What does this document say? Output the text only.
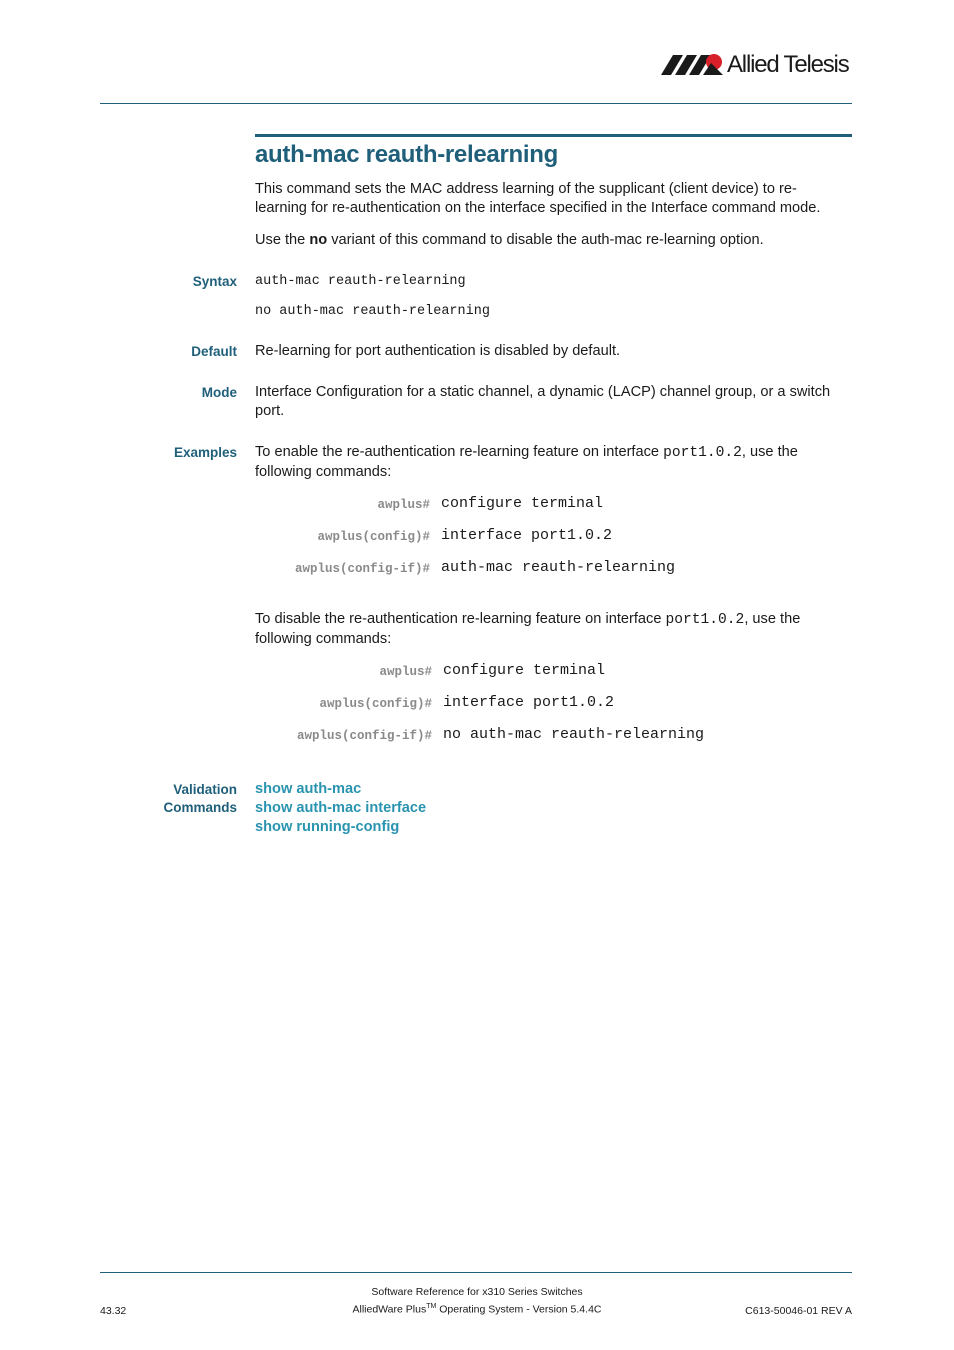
Allied Telesis
auth-mac reauth-relearning
This command sets the MAC address learning of the supplicant (client device) to re-
learning for re-authentication on the interface specified in the Interface command mode.
Use the no variant of this command to disable the auth-mac re-learning option.
Syntax auth-mac reauth-relearning
no auth-mac reauth-relearning
Default Re-learning for port authentication is disabled by default.
Mode Interface Configuration for a static channel, a dynamic (LACP) channel group, or a switch
port.
Examples To enable the re-authentication re-learning feature on interface port1.0.2, use the
following commands:
awplus# configure terminal
awplus(config)# interface port1.0.2
awplus(config-if)# auth-mac reauth-relearning
To disable the re-authentication re-learning feature on interface port1.0.2, use the
following commands:
awplus# configure terminal
awplus(config)# interface port1.0.2
awplus(config-if)# no auth-mac reauth-relearning
Validation
Commands
show auth-mac
show auth-mac interface
show running-config
Software Reference for x310 Series Switches
43.32	AlliedWare Plus™ Operating System - Version 5.4.4C	C613-50046-01 REV A
